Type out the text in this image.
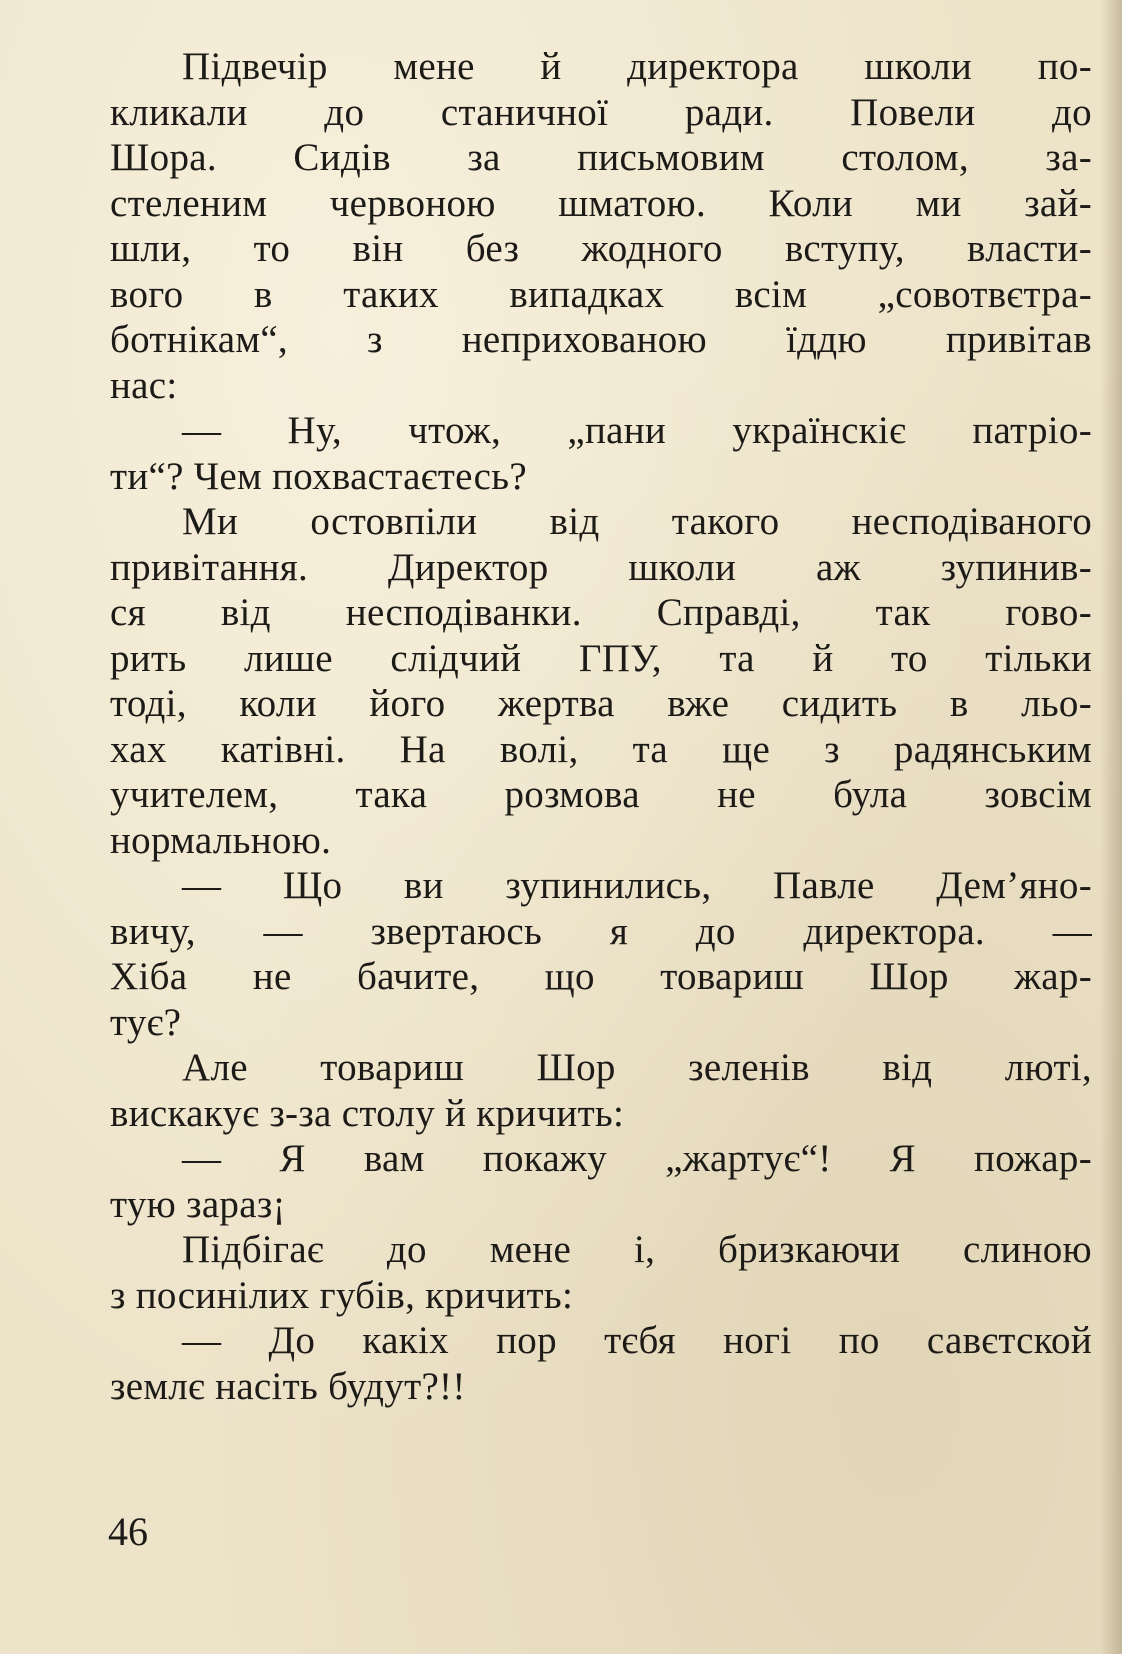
Підвечір мене й директора школи по-
кликали до станичної ради. Повели до
Шора. Сидів за письмовим столом, за-
стеленим червоною шматою. Коли ми зай-
шли, то він без жодного вступу, власти-
вого в таких випадках всім „совотвєтра-
ботнікам“, з неприхованою їддю привітав
нас:
— Ну, чтож, „пани українскіє патріо-
ти“? Чем похвастаєтесь?
Ми остовпіли від такого несподіваного
привітання. Директор школи аж зупинив-
ся від несподіванки. Справді, так гово-
рить лише слідчий ГПУ, та й то тільки
тоді, коли його жертва вже сидить в льо-
хах катівні. На волі, та ще з радянським
учителем, така розмова не була зовсім
нормальною.
— Що ви зупинились, Павле Дем’яно-
вичу, — звертаюсь я до директора. —
Хіба не бачите, що товариш Шор жар-
тує?
Але товариш Шор зеленів від люті,
вискакує з-за столу й кричить:
— Я вам покажу „жартує“! Я пожар-
тую зараз¡
Підбігає до мене і, бризкаючи слиною
з посинілих губів, кричить:
— До какіх пор тєбя ногі по савєтской
землє насіть будут?!!
46
